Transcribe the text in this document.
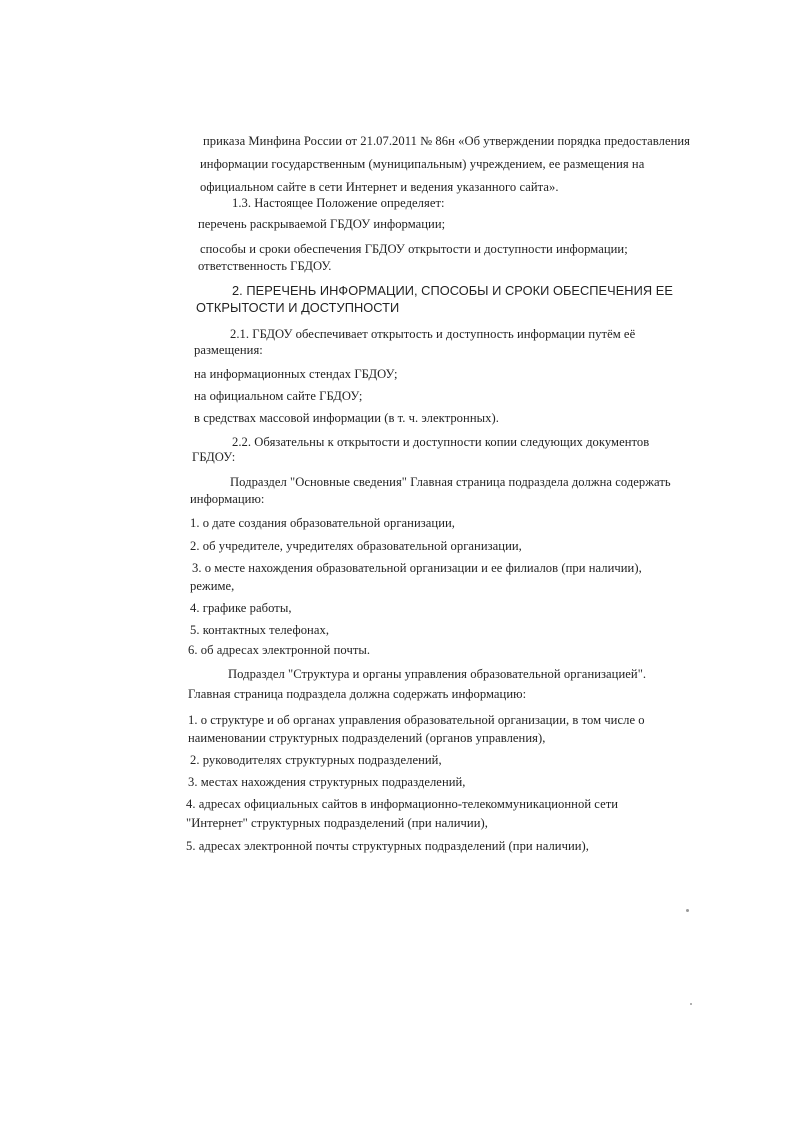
приказа Минфина России от 21.07.2011 № 86н «Об утверждении порядка предоставления
информации государственным (муниципальным) учреждением, ее размещения на
официальном сайте в сети Интернет и ведения указанного сайта».
1.3. Настоящее Положение определяет:
перечень раскрываемой ГБДОУ информации;
способы и сроки обеспечения ГБДОУ открытости и доступности информации;
ответственность ГБДОУ.
2. ПЕРЕЧЕНЬ ИНФОРМАЦИИ, СПОСОБЫ И СРОКИ ОБЕСПЕЧЕНИЯ ЕЕ
ОТКРЫТОСТИ И ДОСТУПНОСТИ
2.1. ГБДОУ обеспечивает открытость и доступность информации путём её
размещения:
на информационных стендах ГБДОУ;
на официальном сайте ГБДОУ;
в средствах массовой информации (в т. ч. электронных).
2.2. Обязательны к открытости и доступности копии следующих документов
ГБДОУ:
Подраздел "Основные сведения" Главная страница подраздела должна содержать
информацию:
1. о дате создания образовательной организации,
2. об учредителе, учредителях образовательной организации,
3. о месте нахождения образовательной организации и ее филиалов (при наличии),
режиме,
4. графике работы,
5. контактных телефонах,
6. об адресах электронной почты.
Подраздел "Структура и органы управления образовательной организацией".
Главная страница подраздела должна содержать информацию:
1. о структуре и об органах управления образовательной организации, в том числе о
наименовании структурных подразделений (органов управления),
2. руководителях структурных подразделений,
3. местах нахождения структурных подразделений,
4. адресах официальных сайтов в информационно-телекоммуникационной сети
"Интернет" структурных подразделений (при наличии),
5. адресах электронной почты структурных подразделений (при наличии),
